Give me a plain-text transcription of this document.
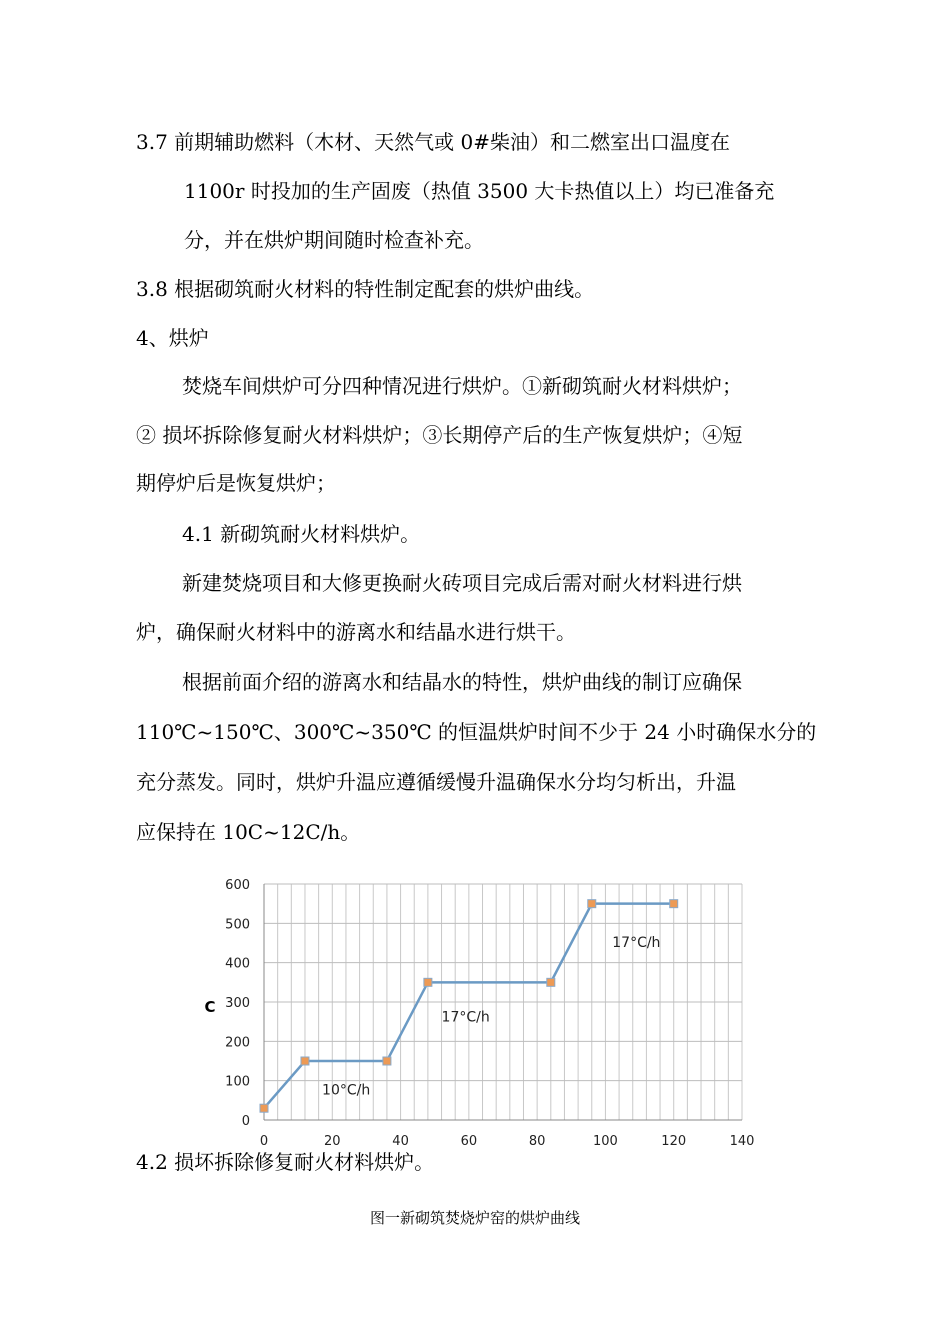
3.7 前期辅助燃料（木材、天然气或 0#柴油）和二燃室出口温度在
1100r 时投加的生产固废（热值 3500 大卡热值以上）均已准备充
分，并在烘炉期间随时检查补充。
3.8 根据砌筑耐火材料的特性制定配套的烘炉曲线。
4、烘炉
焚烧车间烘炉可分四种情况进行烘炉。①新砌筑耐火材料烘炉；
② 损坏拆除修复耐火材料烘炉；③长期停产后的生产恢复烘炉；④短
期停炉后是恢复烘炉；
4.1 新砌筑耐火材料烘炉。
新建焚烧项目和大修更换耐火砖项目完成后需对耐火材料进行烘
炉，确保耐火材料中的游离水和结晶水进行烘干。
根据前面介绍的游离水和结晶水的特性，烘炉曲线的制订应确保
110℃~150℃、300℃~350℃ 的恒温烘炉时间不少于 24 小时确保水分的
充分蒸发。同时，烘炉升温应遵循缓慢升温确保水分均匀析出，升温
应保持在 10C~12C/h。
0
100
200
300
400
500
600
0	20	40	60	80	100	120	140
C
10°C/h
17°C/h
17°C/h
4.2 损坏拆除修复耐火材料烘炉。
图一新砌筑焚烧炉窑的烘炉曲线
